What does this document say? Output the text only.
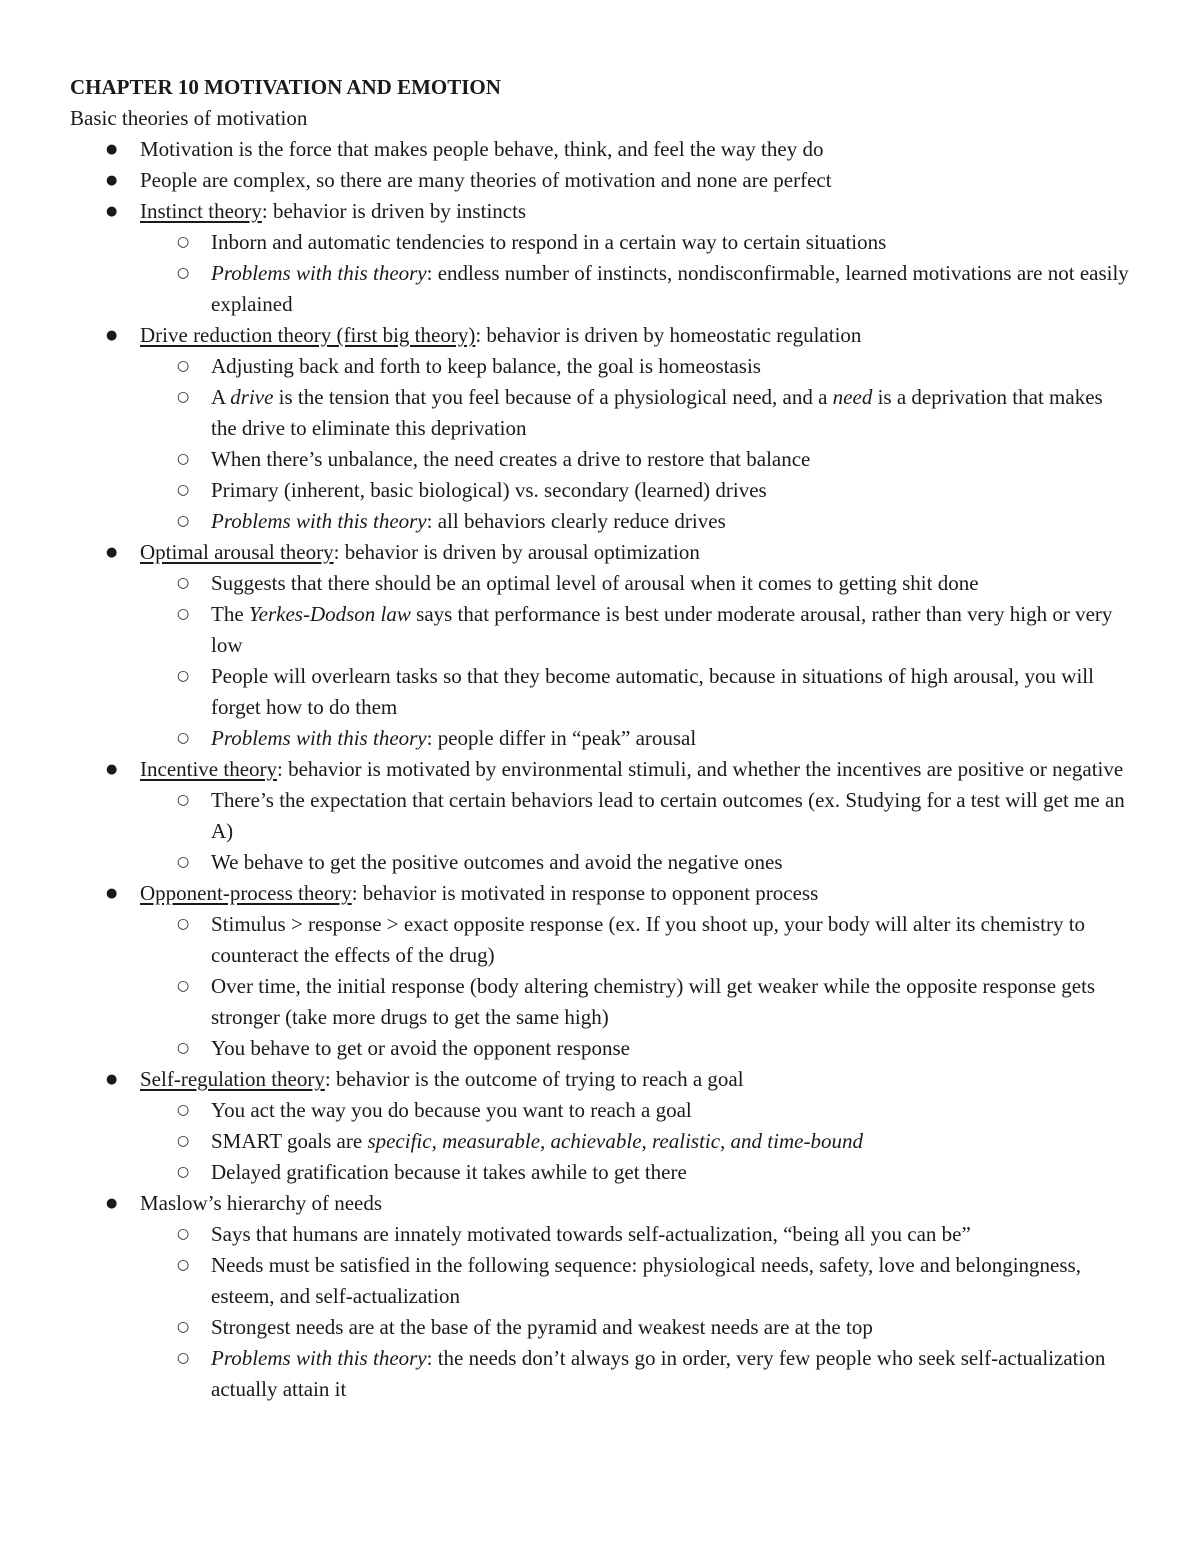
CHAPTER 10 MOTIVATION AND EMOTION

Basic theories of motivation

● Motivation is the force that makes people behave, think, and feel the way they do
● People are complex, so there are many theories of motivation and none are perfect
● Instinct theory: behavior is driven by instincts
○ Inborn and automatic tendencies to respond in a certain way to certain situations
○ Problems with this theory: endless number of instincts, nondisconfirmable, learned motivations are not easily explained
● Drive reduction theory (first big theory): behavior is driven by homeostatic regulation
○ Adjusting back and forth to keep balance, the goal is homeostasis
○ A drive is the tension that you feel because of a physiological need, and a need is a deprivation that makes the drive to eliminate this deprivation
○ When there’s unbalance, the need creates a drive to restore that balance
○ Primary (inherent, basic biological) vs. secondary (learned) drives
○ Problems with this theory: all behaviors clearly reduce drives
● Optimal arousal theory: behavior is driven by arousal optimization
○ Suggests that there should be an optimal level of arousal when it comes to getting shit done
○ The Yerkes-Dodson law says that performance is best under moderate arousal, rather than very high or very low
○ People will overlearn tasks so that they become automatic, because in situations of high arousal, you will forget how to do them
○ Problems with this theory: people differ in “peak” arousal
● Incentive theory: behavior is motivated by environmental stimuli, and whether the incentives are positive or negative
○ There’s the expectation that certain behaviors lead to certain outcomes (ex. Studying for a test will get me an A)
○ We behave to get the positive outcomes and avoid the negative ones
● Opponent-process theory: behavior is motivated in response to opponent process
○ Stimulus > response > exact opposite response (ex. If you shoot up, your body will alter its chemistry to counteract the effects of the drug)
○ Over time, the initial response (body altering chemistry) will get weaker while the opposite response gets stronger (take more drugs to get the same high)
○ You behave to get or avoid the opponent response
● Self-regulation theory: behavior is the outcome of trying to reach a goal
○ You act the way you do because you want to reach a goal
○ SMART goals are specific, measurable, achievable, realistic, and time-bound
○ Delayed gratification because it takes awhile to get there
● Maslow’s hierarchy of needs
○ Says that humans are innately motivated towards self-actualization, “being all you can be”
○ Needs must be satisfied in the following sequence: physiological needs, safety, love and belongingness, esteem, and self-actualization
○ Strongest needs are at the base of the pyramid and weakest needs are at the top
○ Problems with this theory: the needs don’t always go in order, very few people who seek self-actualization actually attain it
